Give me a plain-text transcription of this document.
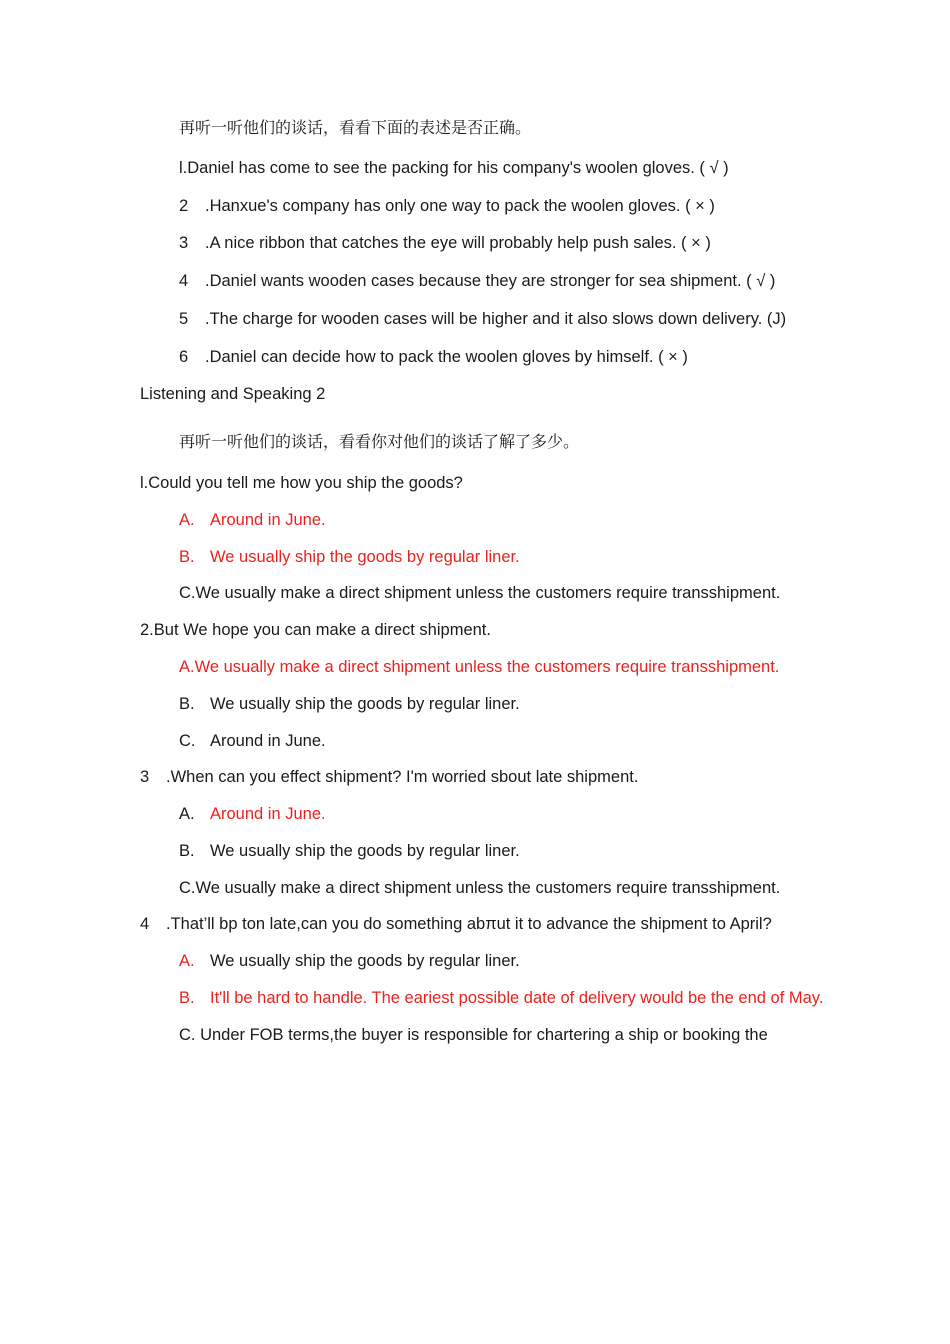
再听一听他们的谈话，看看下面的表述是否正确。
l.Daniel has come to see the packing for his company's woolen gloves. ( √ )
2 .Hanxue's company has only one way to pack the woolen gloves. ( × )
3 .A nice ribbon that catches the eye will probably help push sales. ( × )
4 .Daniel wants wooden cases because they are stronger for sea shipment. ( √ )
5 .The charge for wooden cases will be higher and it also slows down delivery. (J)
6 .Daniel can decide how to pack the woolen gloves by himself. ( × )
Listening and Speaking 2
再听一听他们的谈话，看看你对他们的谈话了解了多少。
l.Could you tell me how you ship the goods?
A. Around in June.
B. We usually ship the goods by regular liner.
C.We usually make a direct shipment unless the customers require transshipment.
2.But We hope you can make a direct shipment.
A.We usually make a direct shipment unless the customers require transshipment.
B. We usually ship the goods by regular liner.
C. Around in June.
3 .When can you effect shipment? I'm worried sbout late shipment.
A. Around in June.
B. We usually ship the goods by regular liner.
C.We usually make a direct shipment unless the customers require transshipment.
4 .That’ll bp ton late,can you do something abπut it to advance the shipment to April?
A. We usually ship the goods by regular liner.
B. It'll be hard to handle. The eariest possible date of delivery would be the end of May.
C. Under FOB terms,the buyer is responsible for chartering a ship or booking the
